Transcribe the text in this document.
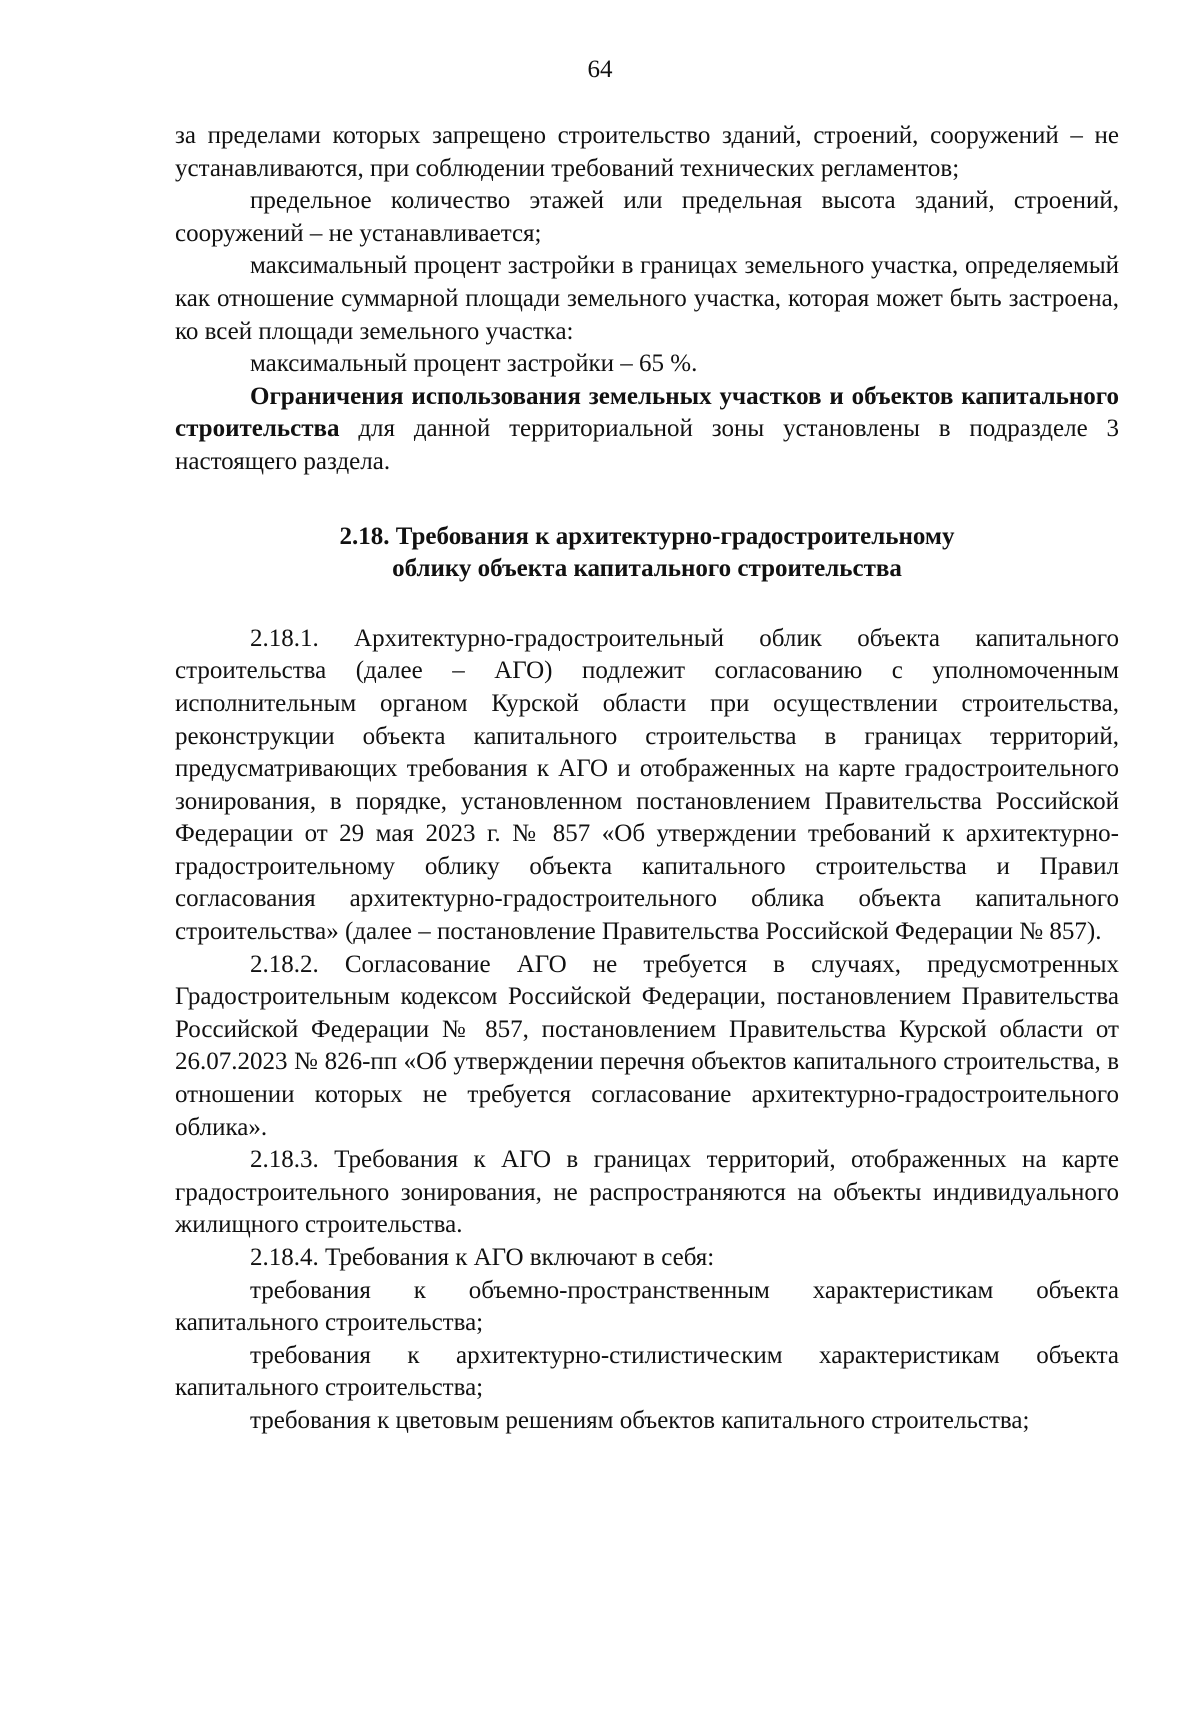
64

за пределами которых запрещено строительство зданий, строений, сооружений – не устанавливаются, при соблюдении требований технических регламентов;

предельное количество этажей или предельная высота зданий, строений, сооружений – не устанавливается;

максимальный процент застройки в границах земельного участка, определяемый как отношение суммарной площади земельного участка, которая может быть застроена, ко всей площади земельного участка:

максимальный процент застройки – 65 %.

Ограничения использования земельных участков и объектов капитального строительства для данной территориальной зоны установлены в подразделе 3 настоящего раздела.

2.18. Требования к архитектурно-градостроительному
облику объекта капитального строительства

2.18.1. Архитектурно-градостроительный облик объекта капитального строительства (далее – АГО) подлежит согласованию с уполномоченным исполнительным органом Курской области при осуществлении строительства, реконструкции объекта капитального строительства в границах территорий, предусматривающих требования к АГО и отображенных на карте градостроительного зонирования, в порядке, установленном постановлением Правительства Российской Федерации от 29 мая 2023 г. № 857 «Об утверждении требований к архитектурно-градостроительному облику объекта капитального строительства и Правил согласования архитектурно-градостроительного облика объекта капитального строительства» (далее – постановление Правительства Российской Федерации № 857).

2.18.2. Согласование АГО не требуется в случаях, предусмотренных Градостроительным кодексом Российской Федерации, постановлением Правительства Российской Федерации № 857, постановлением Правительства Курской области от 26.07.2023 № 826-пп «Об утверждении перечня объектов капитального строительства, в отношении которых не требуется согласование архитектурно-градостроительного облика».

2.18.3. Требования к АГО в границах территорий, отображенных на карте градостроительного зонирования, не распространяются на объекты индивидуального жилищного строительства.

2.18.4. Требования к АГО включают в себя:

требования к объемно-пространственным характеристикам объекта капитального строительства;

требования к архитектурно-стилистическим характеристикам объекта капитального строительства;

требования к цветовым решениям объектов капитального строительства;
